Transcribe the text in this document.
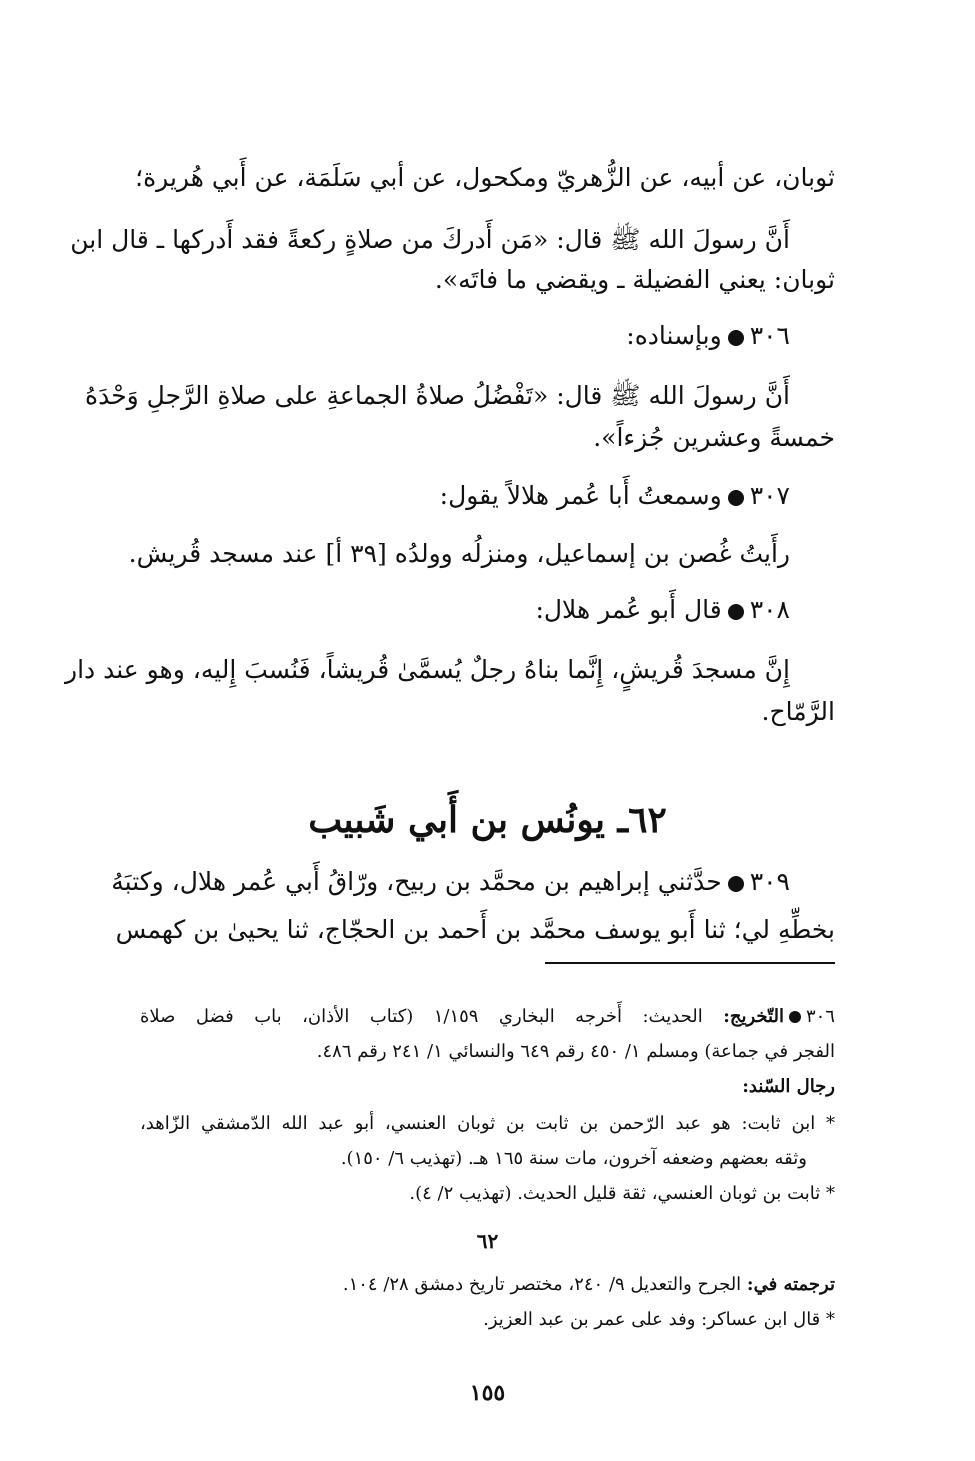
ثوبان، عن أبيه، عن الزُّهريّ ومكحول، عن أبي سَلَمَة، عن أَبي هُريرة؛
أَنَّ رسولَ الله ﷺ قال: «مَن أَدركَ من صلاةٍ ركعةً فقد أَدركها ـ قال ابن
ثوبان: يعني الفضيلة ـ ويقضي ما فاتَه».
٣٠٦وبإسناده:
أَنَّ رسولَ الله ﷺ قال: «تَفْضُلُ صلاةُ الجماعةِ على صلاةِ الرَّجلِ وَحْدَهُ
خمسةً وعشرين جُزءاً».
٣٠٧وسمعتُ أَبا عُمر هلالاً يقول:
رأَيتُ غُصن بن إسماعيل، ومنزلُه وولدُه [٣٩ أ] عند مسجد قُريش.
٣٠٨قال أَبو عُمر هلال:
إِنَّ مسجدَ قُريشٍ، إِنَّما بناهُ رجلٌ يُسمَّىٰ قُريشاً، فَنُسبَ إِليه، وهو عند دار
الرَّمّاح.
٦٢ـ يونُس بن أَبي شَبيب
٣٠٩حدَّثني إبراهيم بن محمَّد بن ربيح، ورّاقُ أَبي عُمر هلال، وكتبَهُ
بخطِّهِ لي؛ ثنا أَبو يوسف محمَّد بن أَحمد بن الحجّاج، ثنا يحيىٰ بن كهمس
٣٠٦التّخريج: الحديث: أَخرجه البخاري ١/١٥٩ (كتاب الأذان، باب فضل صلاة
الفجر في جماعة) ومسلم ١/ ٤٥٠ رقم ٦٤٩ والنسائي ١/ ٢٤١ رقم ٤٨٦.
رجال السّند:
* ابن ثابت: هو عبد الرّحمن بن ثابت بن ثوبان العنسي، أبو عبد الله الدّمشقي الزّاهد،
وثقه بعضهم وضعفه آخرون، مات سنة ١٦٥ هـ. (تهذيب ٦/ ١٥٠).
* ثابت بن ثوبان العنسي، ثقة قليل الحديث. (تهذيب ٢/ ٤).
٦٢
ترجمته في: الجرح والتعديل ٩/ ٢٤٠، مختصر تاريخ دمشق ٢٨/ ١٠٤.
* قال ابن عساكر: وفد على عمر بن عبد العزيز.
١٥٥
